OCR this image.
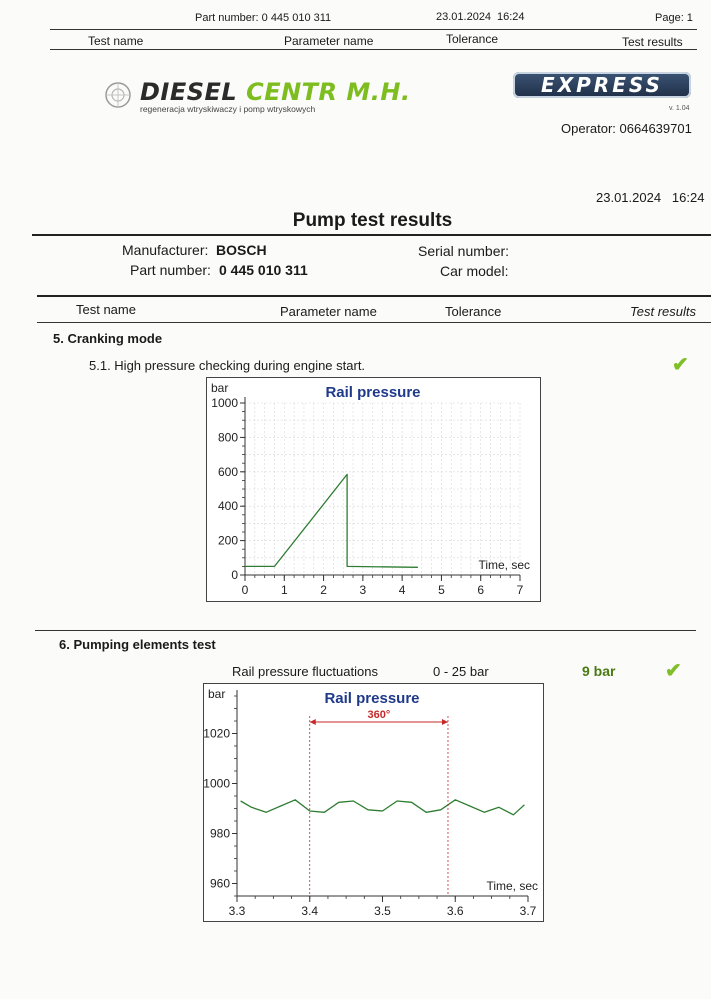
Part number: 0 445 010 311	23.01.2024 16:24	Page: 1
Test name	Parameter name	Tolerance	Test results
DIESEL CENTR M.H.
regeneracja wtryskiwaczy i pomp wtryskowych
EXPRESS
v. 1.04
Operator: 0664639701
23.01.2024   16:24
Pump test results
Manufacturer: BOSCH
Part number: 0 445 010 311
Serial number:
Car model:
Test name	Parameter name	Tolerance	Test results
5. Cranking mode
5.1. High pressure checking during engine start.	✔
0
200
400
600
800
1000
0	1	2	3	4	5	6	7
bar
Time, sec
Rail pressure
6. Pumping elements test
Rail pressure fluctuations	0 - 25 bar	9 bar ✔
960
980
1000
1020
3.3	3.4	3.5	3.6	3.7
bar
Time, sec
Rail pressure
360°
